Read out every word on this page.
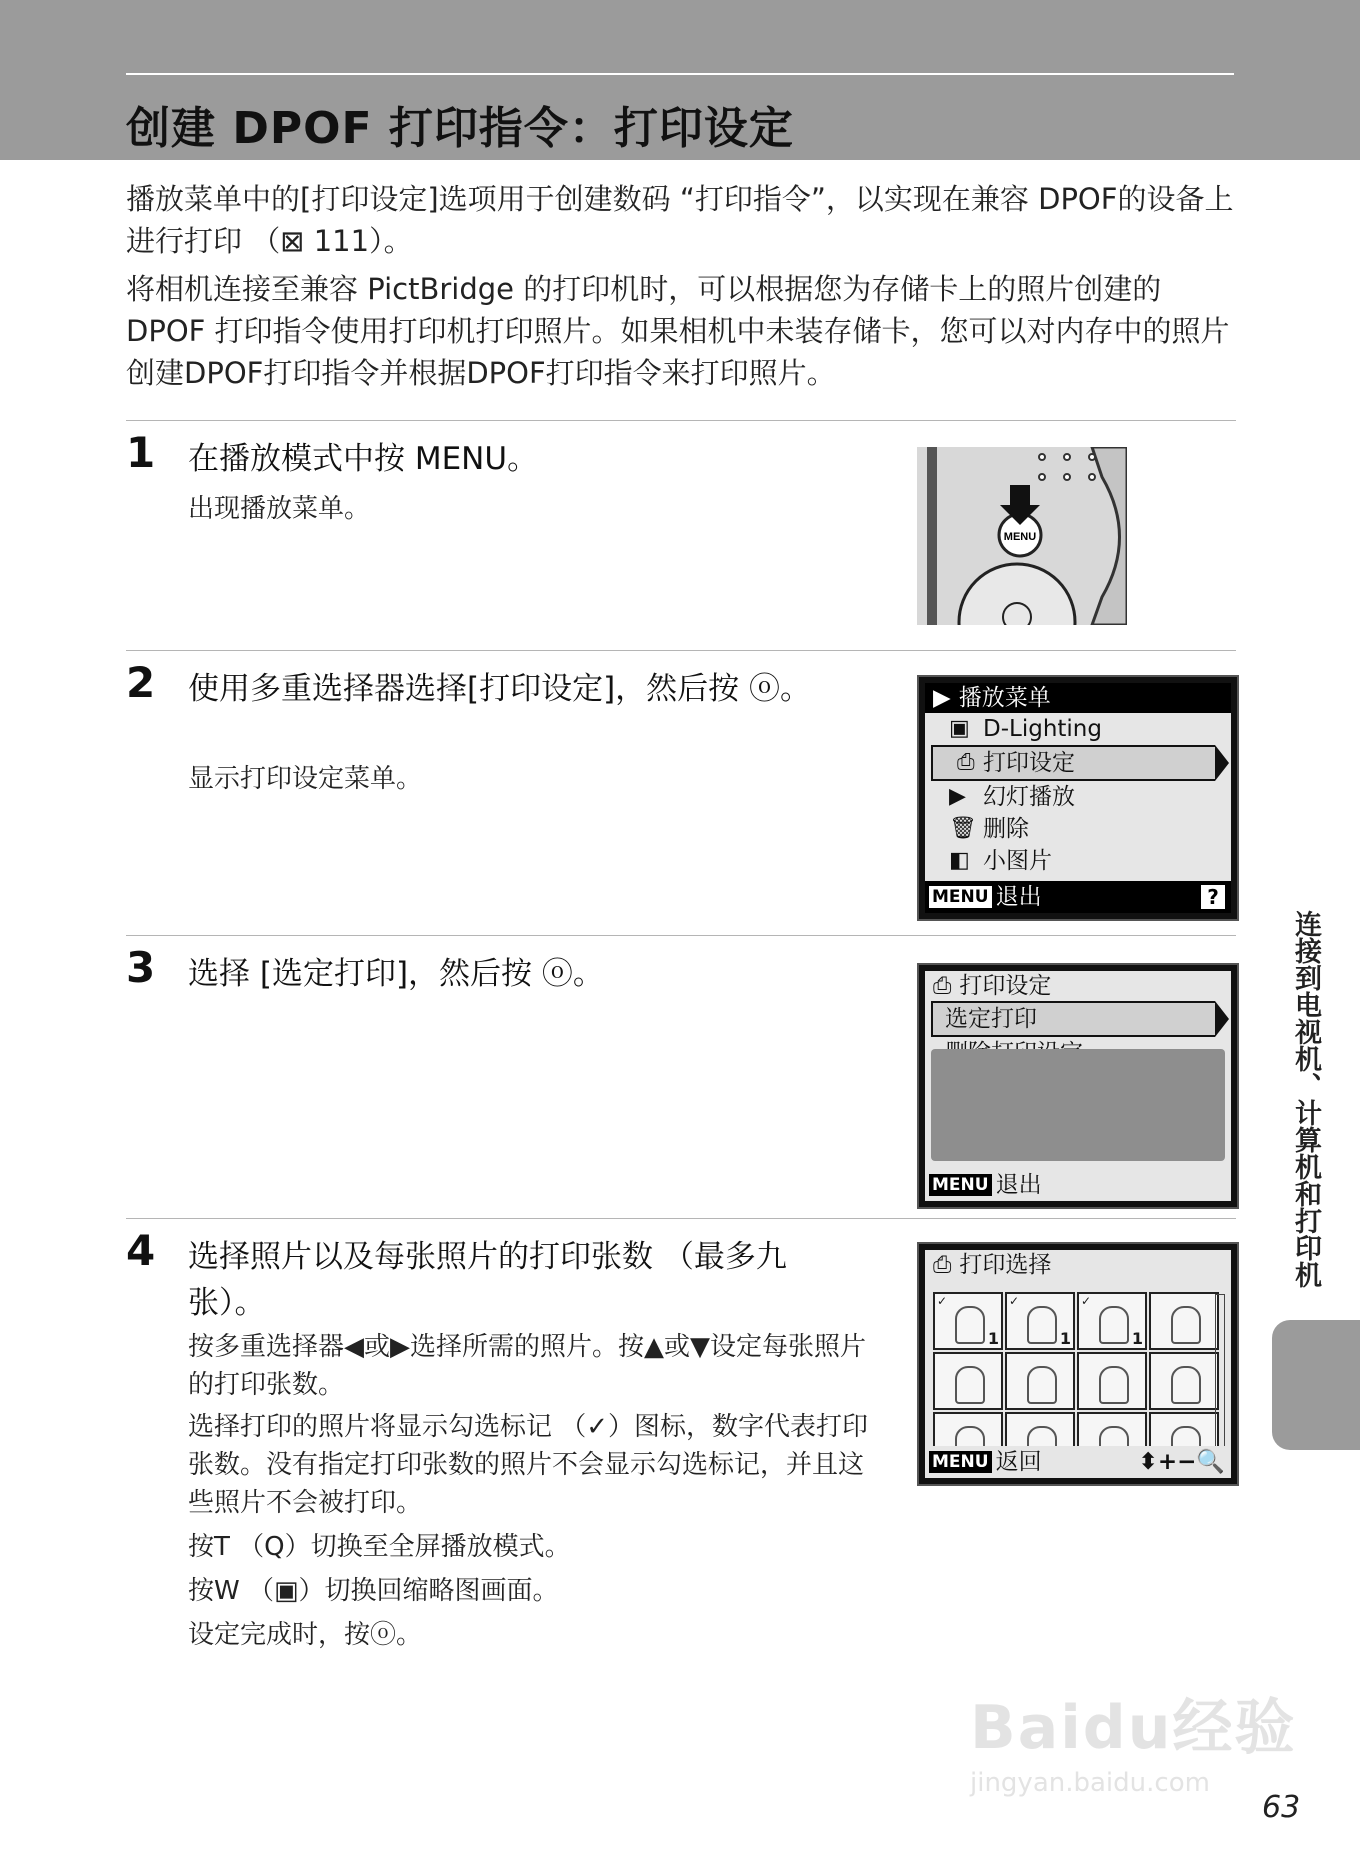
创建 DPOF 打印指令：打印设定
播放菜单中的[打印设定]选项用于创建数码 “打印指令”，以实现在兼容 DPOF的设备上进行打印 （⊠ 111）。
将相机连接至兼容 PictBridge 的打印机时，可以根据您为存储卡上的照片创建的 DPOF 打印指令使用打印机打印照片。如果相机中未装存储卡，您可以对内存中的照片创建DPOF打印指令并根据DPOF打印指令来打印照片。
1 在播放模式中按 MENU。
出现播放菜单。
MENU
2 使用多重选择器选择[打印设定]，然后按 ⓞ。
显示打印设定菜单。
▶ 播放菜单
▣ D-Lighting
⎙ 打印设定
▶ 幻灯播放
🗑 删除
◧ 小图片
MENU 退出	?
3 选择 [选定打印]，然后按 ⓞ。	⎙ 打印设定
选定打印
MENU 退出
4 选择照片以及每张照片的打印张数 （最多九张）。
按多重选择器◀或▶选择所需的照片。按▲或▼设定每张照片的打印张数。
选择打印的照片将显示勾选标记 （✓）图标，数字代表打印张数。没有指定打印张数的照片不会显示勾选标记，并且这些照片不会被打印。
按T （Q）切换至全屏播放模式。
按W （▣）切换回缩略图画面。
设定完成时，按ⓞ。
⎙ 打印选择
✓
1
✓
1
✓
1
MENU 返回	⬍+−🔍
连接到电视机、计算机和打印机
Baidu经验
jingyan.baidu.com
63
